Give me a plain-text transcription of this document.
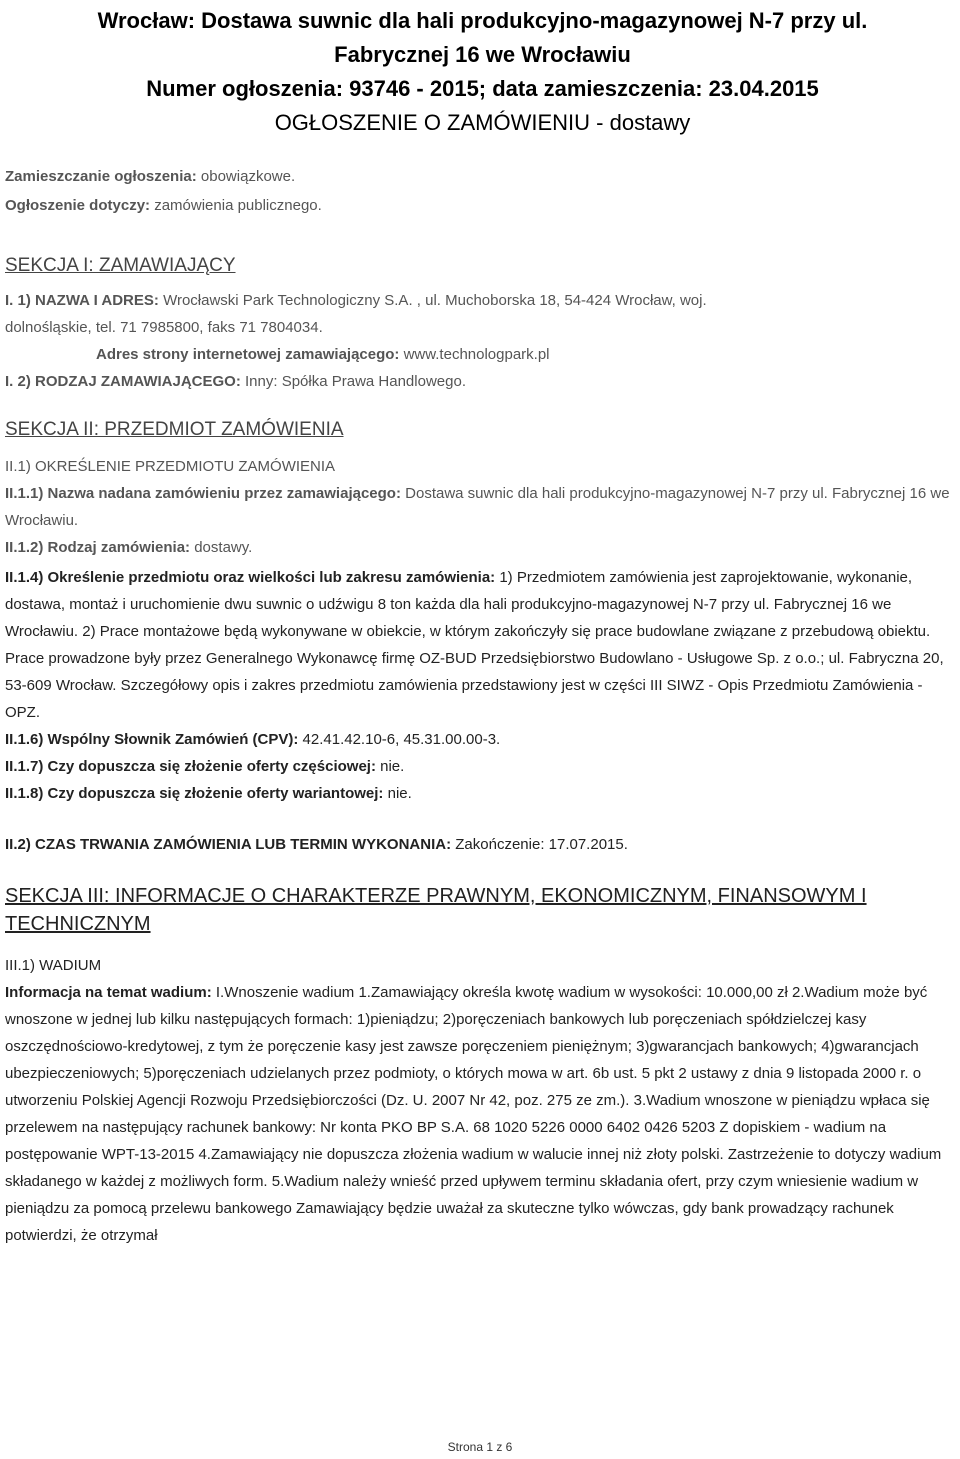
Wrocław: Dostawa suwnic dla hali produkcyjno-magazynowej N-7 przy ul.
Fabrycznej 16 we Wrocławiu
Numer ogłoszenia: 93746 - 2015; data zamieszczenia: 23.04.2015
OGŁOSZENIE O ZAMÓWIENIU - dostawy
Zamieszczanie ogłoszenia: obowiązkowe.
Ogłoszenie dotyczy: zamówienia publicznego.
SEKCJA I: ZAMAWIAJĄCY
I. 1) NAZWA I ADRES: Wrocławski Park Technologiczny S.A. , ul. Muchoborska 18, 54-424 Wrocław, woj.
dolnośląskie, tel. 71 7985800, faks 71 7804034.
Adres strony internetowej zamawiającego: www.technologpark.pl
I. 2) RODZAJ ZAMAWIAJĄCEGO: Inny: Spółka Prawa Handlowego.
SEKCJA II: PRZEDMIOT ZAMÓWIENIA
II.1) OKREŚLENIE PRZEDMIOTU ZAMÓWIENIA
II.1.1) Nazwa nadana zamówieniu przez zamawiającego: Dostawa suwnic dla hali produkcyjno-magazynowej N-7 przy ul. Fabrycznej 16 we Wrocławiu.
II.1.2) Rodzaj zamówienia: dostawy.
II.1.4) Określenie przedmiotu oraz wielkości lub zakresu zamówienia: 1) Przedmiotem zamówienia jest zaprojektowanie, wykonanie, dostawa, montaż i uruchomienie dwu suwnic o udźwigu 8 ton każda dla hali produkcyjno-magazynowej N-7 przy ul. Fabrycznej 16 we Wrocławiu. 2) Prace montażowe będą wykonywane w obiekcie, w którym zakończyły się prace budowlane związane z przebudową obiektu. Prace prowadzone były przez Generalnego Wykonawcę firmę OZ-BUD Przedsiębiorstwo Budowlano - Usługowe Sp. z o.o.; ul. Fabryczna 20, 53-609 Wrocław. Szczegółowy opis i zakres przedmiotu zamówienia przedstawiony jest w części III SIWZ - Opis Przedmiotu Zamówienia - OPZ.
II.1.6) Wspólny Słownik Zamówień (CPV): 42.41.42.10-6, 45.31.00.00-3.
II.1.7) Czy dopuszcza się złożenie oferty częściowej: nie.
II.1.8) Czy dopuszcza się złożenie oferty wariantowej: nie.
II.2) CZAS TRWANIA ZAMÓWIENIA LUB TERMIN WYKONANIA: Zakończenie: 17.07.2015.
SEKCJA III: INFORMACJE O CHARAKTERZE PRAWNYM, EKONOMICZNYM, FINANSOWYM I TECHNICZNYM
III.1) WADIUM
Informacja na temat wadium: I.Wnoszenie wadium 1.Zamawiający określa kwotę wadium w wysokości: 10.000,00 zł 2.Wadium może być wnoszone w jednej lub kilku następujących formach: 1)pieniądzu; 2)poręczeniach bankowych lub poręczeniach spółdzielczej kasy oszczędnościowo-kredytowej, z tym że poręczenie kasy jest zawsze poręczeniem pieniężnym; 3)gwarancjach bankowych; 4)gwarancjach ubezpieczeniowych; 5)poręczeniach udzielanych przez podmioty, o których mowa w art. 6b ust. 5 pkt 2 ustawy z dnia 9 listopada 2000 r. o utworzeniu Polskiej Agencji Rozwoju Przedsiębiorczości (Dz. U. 2007 Nr 42, poz. 275 ze zm.). 3.Wadium wnoszone w pieniądzu wpłaca się przelewem na następujący rachunek bankowy: Nr konta PKO BP S.A. 68 1020 5226 0000 6402 0426 5203 Z dopiskiem - wadium na postępowanie WPT-13-2015 4.Zamawiający nie dopuszcza złożenia wadium w walucie innej niż złoty polski. Zastrzeżenie to dotyczy wadium składanego w każdej z możliwych form. 5.Wadium należy wnieść przed upływem terminu składania ofert, przy czym wniesienie wadium w pieniądzu za pomocą przelewu bankowego Zamawiający będzie uważał za skuteczne tylko wówczas, gdy bank prowadzący rachunek potwierdzi, że otrzymał
Strona 1 z 6
